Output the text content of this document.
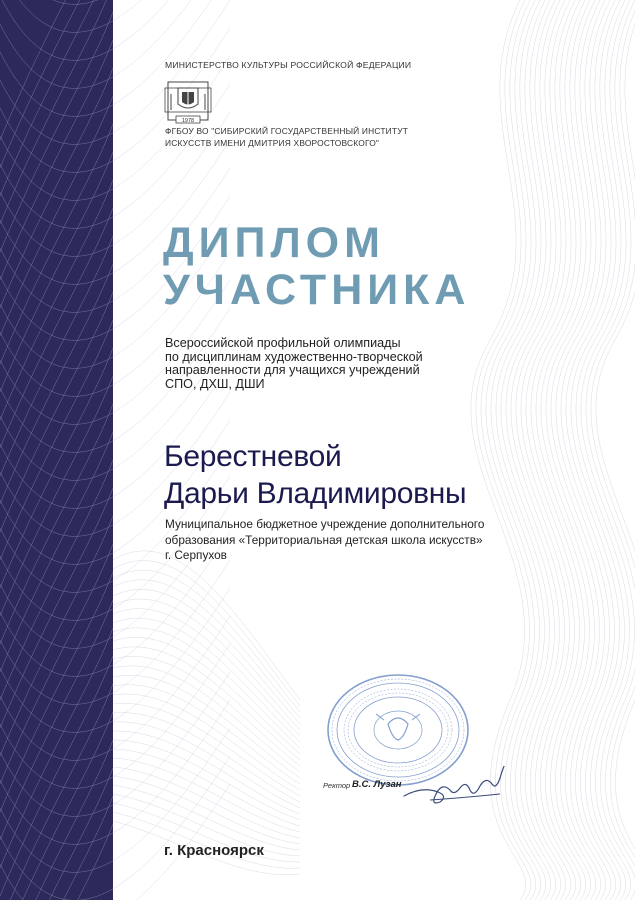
МИНИСТЕРСТВО КУЛЬТУРЫ РОССИЙСКОЙ ФЕДЕРАЦИИ
1978
ФГБОУ ВО "СИБИРСКИЙ ГОСУДАРСТВЕННЫЙ ИНСТИТУТ
ИСКУССТВ ИМЕНИ ДМИТРИЯ ХВОРОСТОВСКОГО"
ДИПЛОМ
УЧАСТНИКА
Всероссийской профильной олимпиады
по дисциплинам художественно-творческой
направленности для учащихся учреждений
СПО, ДХШ, ДШИ
Берестневой
Дарьи Владимировны
Муниципальное бюджетное учреждение дополнительного
образования «Территориальная детская школа искусств»
г. Серпухов
Ректор В.С. Лузан
г. Красноярск
